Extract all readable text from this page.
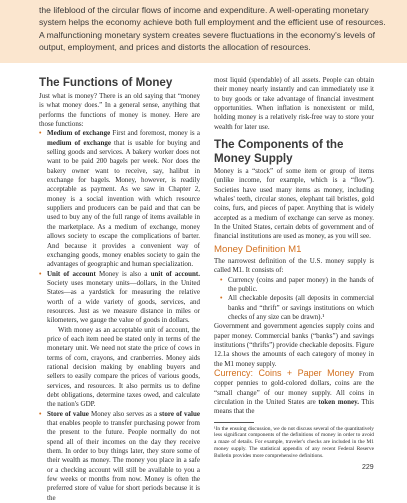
the lifeblood of the circular flows of income and expenditure. A well-operating monetary system helps the economy achieve both full employment and the efficient use of resources. A malfunctioning monetary system creates severe fluctuations in the economy's levels of output, employment, and prices and distorts the allocation of resources.
The Functions of Money

Just what is money? There is an old saying that “money is what money does.” In a general sense, anything that performs the functions of money is money. Here are those functions:

• Medium of exchange First and foremost, money is a medium of exchange that is usable for buying and selling goods and services. A bakery worker does not want to be paid 200 bagels per week. Nor does the bakery owner want to receive, say, halibut in exchange for bagels. Money, however, is readily acceptable as payment. As we saw in Chapter 2, money is a social invention with which resource suppliers and producers can be paid and that can be used to buy any of the full range of items available in the marketplace. As a medium of exchange, money allows society to escape the complications of barter. And because it provides a convenient way of exchanging goods, money enables society to gain the advantages of geographic and human specialization.
• Unit of account Money is also a unit of account. Society uses monetary units—dollars, in the United States—as a yardstick for measuring the relative worth of a wide variety of goods, services, and resources. Just as we measure distance in miles or kilometers, we gauge the value of goods in dollars.

With money as an acceptable unit of account, the price of each item need be stated only in terms of the monetary unit. We need not state the price of cows in terms of corn, crayons, and cranberries. Money aids rational decision making by enabling buyers and sellers to easily compare the prices of various goods, services, and resources. It also permits us to define debt obligations, determine taxes owed, and calculate the nation's GDP.

• Store of value Money also serves as a store of value that enables people to transfer purchasing power from the present to the future. People normally do not spend all of their incomes on the day they receive them. In order to buy things later, they store some of their wealth as money. The money you place in a safe or a checking account will still be available to you a few weeks or months from now. Money is often the preferred store of value for short periods because it is the

most liquid (spendable) of all assets. People can obtain their money nearly instantly and can immediately use it to buy goods or take advantage of financial investment opportunities. When inflation is nonexistent or mild, holding money is a relatively risk-free way to store your wealth for later use.

The Components of the Money Supply

Money is a “stock” of some item or group of items (unlike income, for example, which is a “flow”). Societies have used many items as money, including whales' teeth, circular stones, elephant tail bristles, gold coins, furs, and pieces of paper. Anything that is widely accepted as a medium of exchange can serve as money. In the United States, certain debts of government and of financial institutions are used as money, as you will see.

Money Definition M1

The narrowest definition of the U.S. money supply is called M1. It consists of:

• Currency (coins and paper money) in the hands of the public.
• All checkable deposits (all deposits in commercial banks and “thrift” or savings institutions on which checks of any size can be drawn).¹

Government and government agencies supply coins and paper money. Commercial banks (“banks”) and savings institutions (“thrifts”) provide checkable deposits. Figure 12.1a shows the amounts of each category of money in the M1 money supply.

Currency: Coins + Paper Money From copper pennies to gold-colored dollars, coins are the “small change” of our money supply. All coins in circulation in the United States are token money. This means that the

¹In the ensuing discussion, we do not discuss several of the quantitatively less significant components of the definitions of money in order to avoid a maze of details. For example, traveler's checks are included in the M1 money supply. The statistical appendix of any recent Federal Reserve Bulletin provides more comprehensive definitions.

229
